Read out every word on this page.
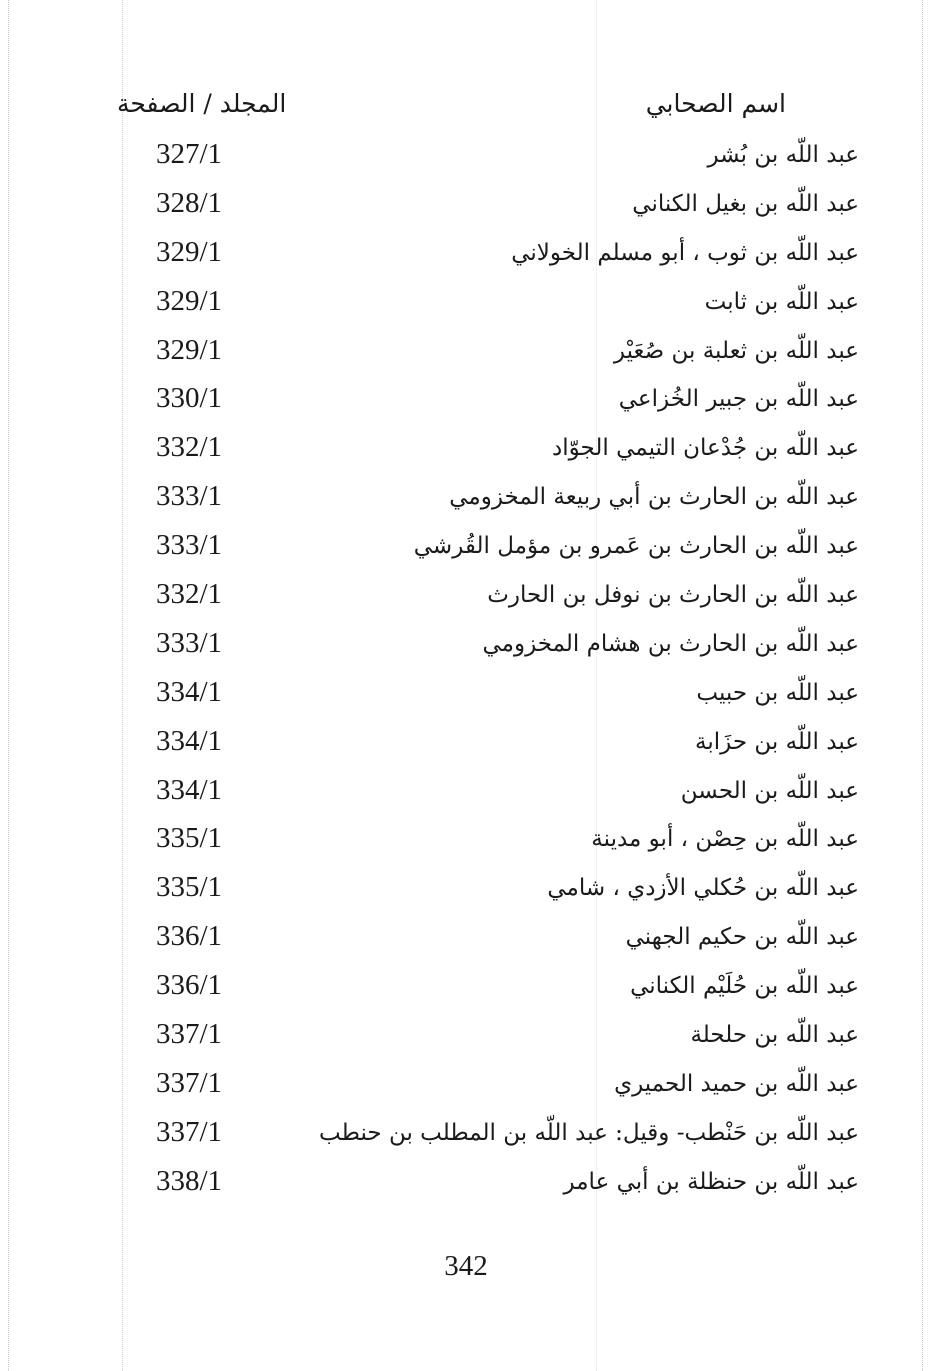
اسم الصحابي
المجلد / الصفحة
عبد اللّه بن بُشر
327/1
عبد اللّه بن بغيل الكناني
328/1
عبد اللّه بن ثوب ، أبو مسلم الخولاني
329/1
عبد اللّه بن ثابت
329/1
عبد اللّه بن ثعلبة بن صُعَيْر
329/1
عبد اللّه بن جبير الخُزاعي
330/1
عبد اللّه بن جُدْعان التيمي الجوّاد
332/1
عبد اللّه بن الحارث بن أبي ربيعة المخزومي
333/1
عبد اللّه بن الحارث بن عَمرو بن مؤمل القُرشي
333/1
عبد اللّه بن الحارث بن نوفل بن الحارث
332/1
عبد اللّه بن الحارث بن هشام المخزومي
333/1
عبد اللّه بن حبيب
334/1
عبد اللّه بن حزَابة
334/1
عبد اللّه بن الحسن
334/1
عبد اللّه بن حِصْن ، أبو مدينة
335/1
عبد اللّه بن حُكلي الأزدي ، شامي
335/1
عبد اللّه بن حكيم الجهني
336/1
عبد اللّه بن حُلَيْم الكناني
336/1
عبد اللّه بن حلحلة
337/1
عبد اللّه بن حميد الحميري
337/1
عبد اللّه بن حَنْطب- وقيل: عبد اللّه بن المطلب بن حنطب
337/1
عبد اللّه بن حنظلة بن أبي عامر
338/1
342
